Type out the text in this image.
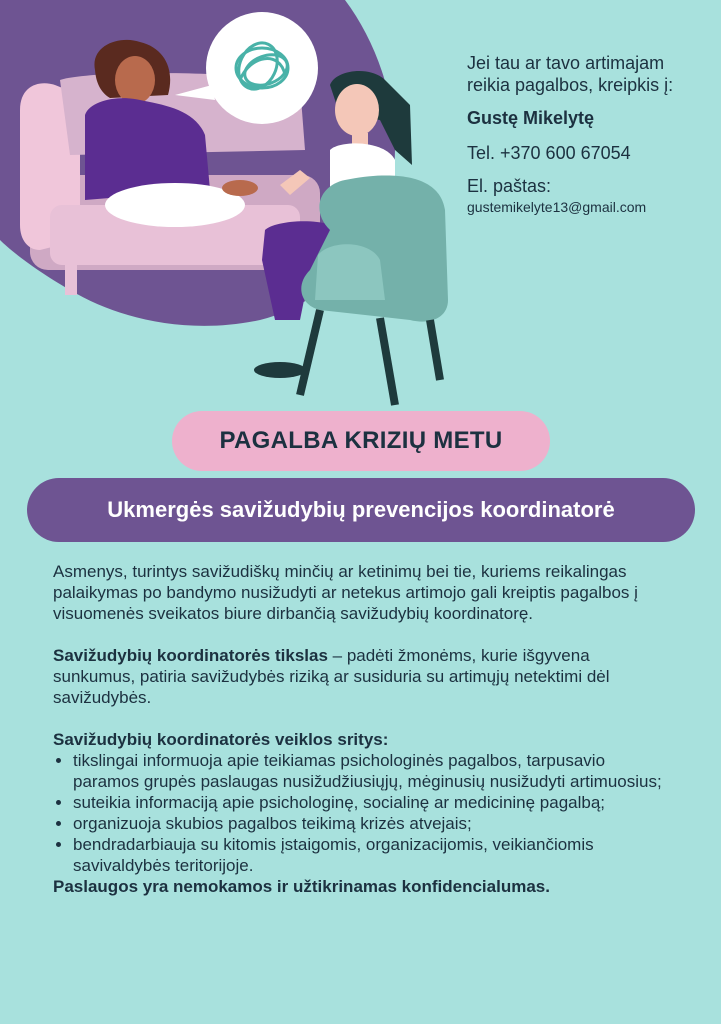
Jei tau ar tavo artimajam reikia pagalbos, kreipkis į:

Gustę Mikelytę
Tel. +370 600 67054
El. paštas:
gustemikelyte13@gmail.com
PAGALBA KRIZIŲ METU
Ukmergės savižudybių prevencijos koordinatorė

Asmenys, turintys savižudiškų minčių ar ketinimų bei tie, kuriems reikalingas palaikymas po bandymo nusižudyti ar netekus artimojo gali kreiptis pagalbos į visuomenės sveikatos biure dirbančią savižudybių koordinatorę.

Savižudybių koordinatorės tikslas – padėti žmonėms, kurie išgyvena sunkumus, patiria savižudybės riziką ar susiduria su artimųjų netektimi dėl savižudybės.

Savižudybių koordinatorės veiklos sritys:

• tikslingai informuoja apie teikiamas psichologinės pagalbos, tarpusavio paramos grupės paslaugas nusižudžiusiųjų, mėginusių nusižudyti artimuosius;
• suteikia informaciją apie psichologinę, socialinę ar medicininę pagalbą;
• organizuoja skubios pagalbos teikimą krizės atvejais;
• bendradarbiauja su kitomis įstaigomis, organizacijomis, veikiančiomis savivaldybės teritorijoje.

Paslaugos yra nemokamos ir užtikrinamas konfidencialumas.
